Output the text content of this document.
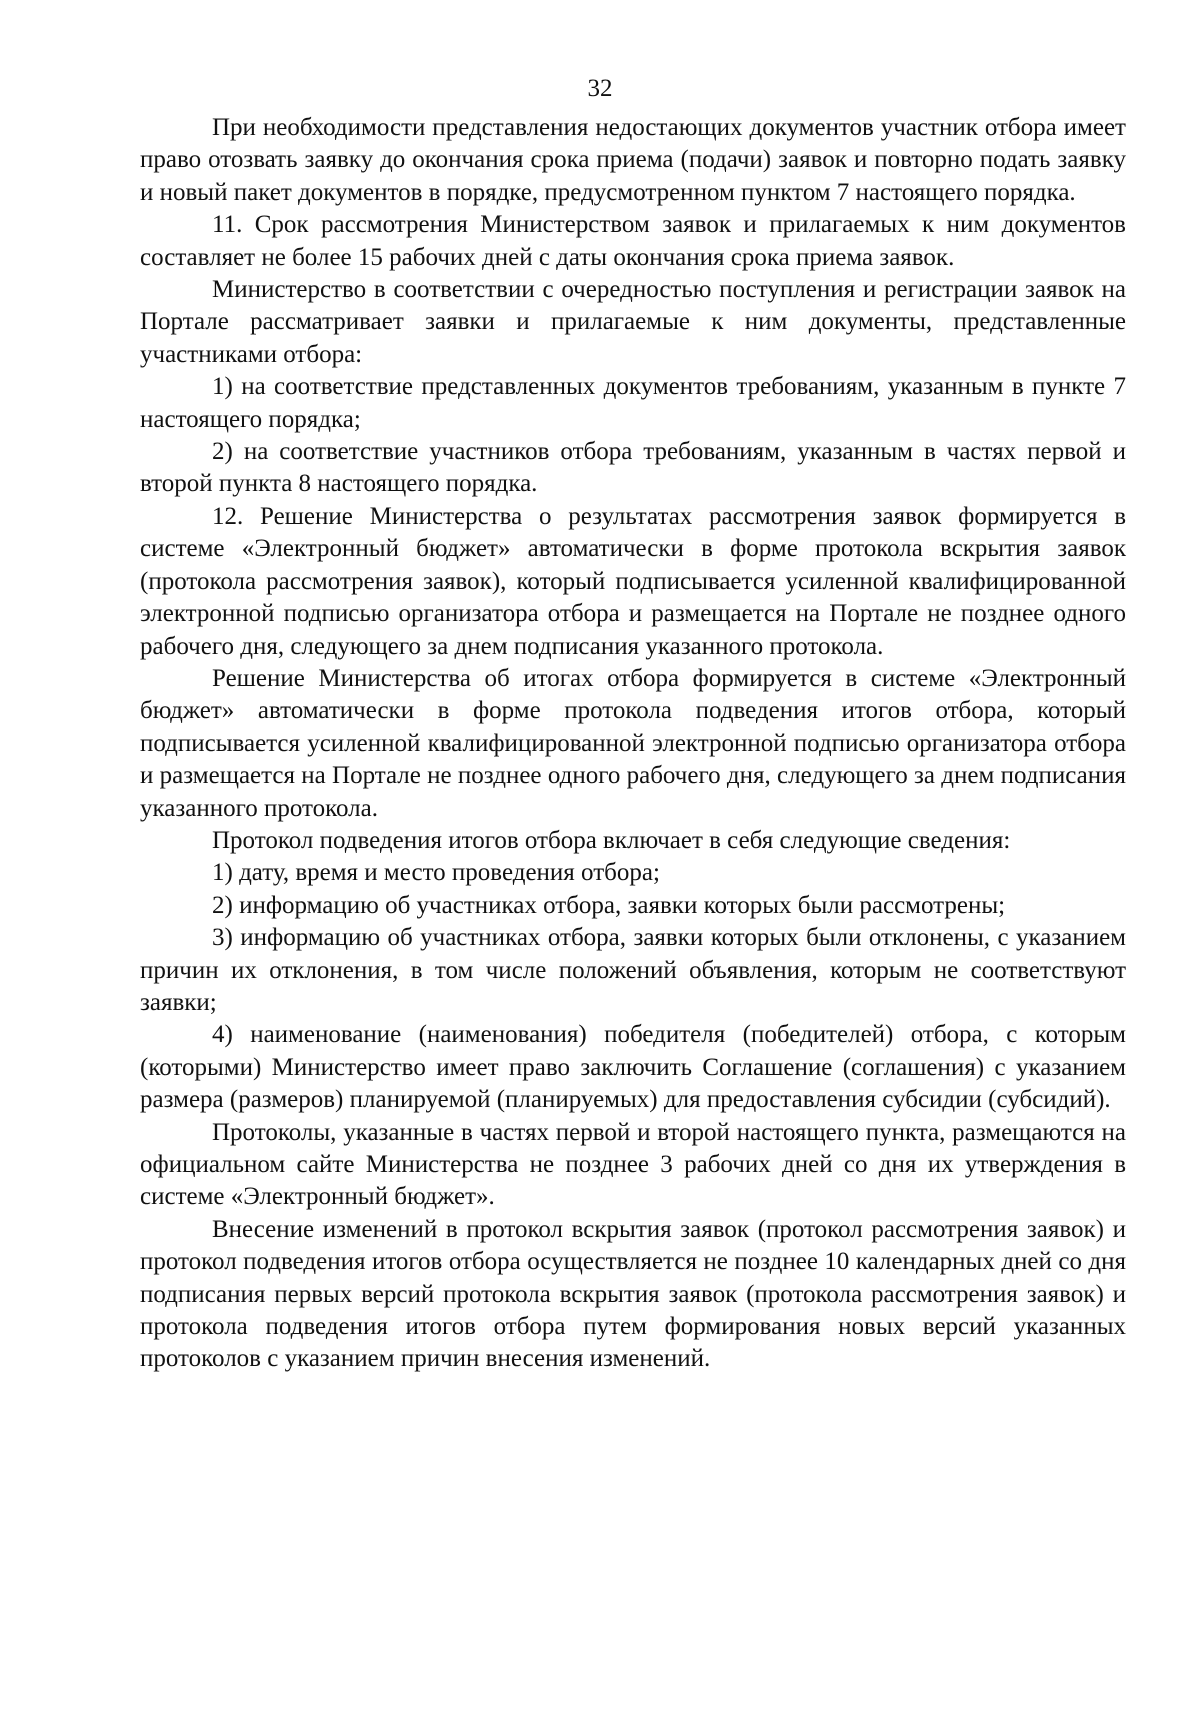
32

При необходимости представления недостающих документов участник отбора имеет право отозвать заявку до окончания срока приема (подачи) заявок и повторно подать заявку и новый пакет документов в порядке, предусмотренном пунктом 7 настоящего порядка.

11. Срок рассмотрения Министерством заявок и прилагаемых к ним документов составляет не более 15 рабочих дней с даты окончания срока приема заявок.

Министерство в соответствии с очередностью поступления и регистрации заявок на Портале рассматривает заявки и прилагаемые к ним документы, представленные участниками отбора:

1) на соответствие представленных документов требованиям, указанным в пункте 7 настоящего порядка;

2) на соответствие участников отбора требованиям, указанным в частях первой и второй пункта 8 настоящего порядка.

12. Решение Министерства о результатах рассмотрения заявок формируется в системе «Электронный бюджет» автоматически в форме протокола вскрытия заявок (протокола рассмотрения заявок), который подписывается усиленной квалифицированной электронной подписью организатора отбора и размещается на Портале не позднее одного рабочего дня, следующего за днем подписания указанного протокола.

Решение Министерства об итогах отбора формируется в системе «Электронный бюджет» автоматически в форме протокола подведения итогов отбора, который подписывается усиленной квалифицированной электронной подписью организатора отбора и размещается на Портале не позднее одного рабочего дня, следующего за днем подписания указанного протокола.

Протокол подведения итогов отбора включает в себя следующие сведения:

1) дату, время и место проведения отбора;

2) информацию об участниках отбора, заявки которых были рассмотрены;

3) информацию об участниках отбора, заявки которых были отклонены, с указанием причин их отклонения, в том числе положений объявления, которым не соответствуют заявки;

4) наименование (наименования) победителя (победителей) отбора, с которым (которыми) Министерство имеет право заключить Соглашение (соглашения) с указанием размера (размеров) планируемой (планируемых) для предоставления субсидии (субсидий).

Протоколы, указанные в частях первой и второй настоящего пункта, размещаются на официальном сайте Министерства не позднее 3 рабочих дней со дня их утверждения в системе «Электронный бюджет».

Внесение изменений в протокол вскрытия заявок (протокол рассмотрения заявок) и протокол подведения итогов отбора осуществляется не позднее 10 календарных дней со дня подписания первых версий протокола вскрытия заявок (протокола рассмотрения заявок) и протокола подведения итогов отбора путем формирования новых версий указанных протоколов с указанием причин внесения изменений.
